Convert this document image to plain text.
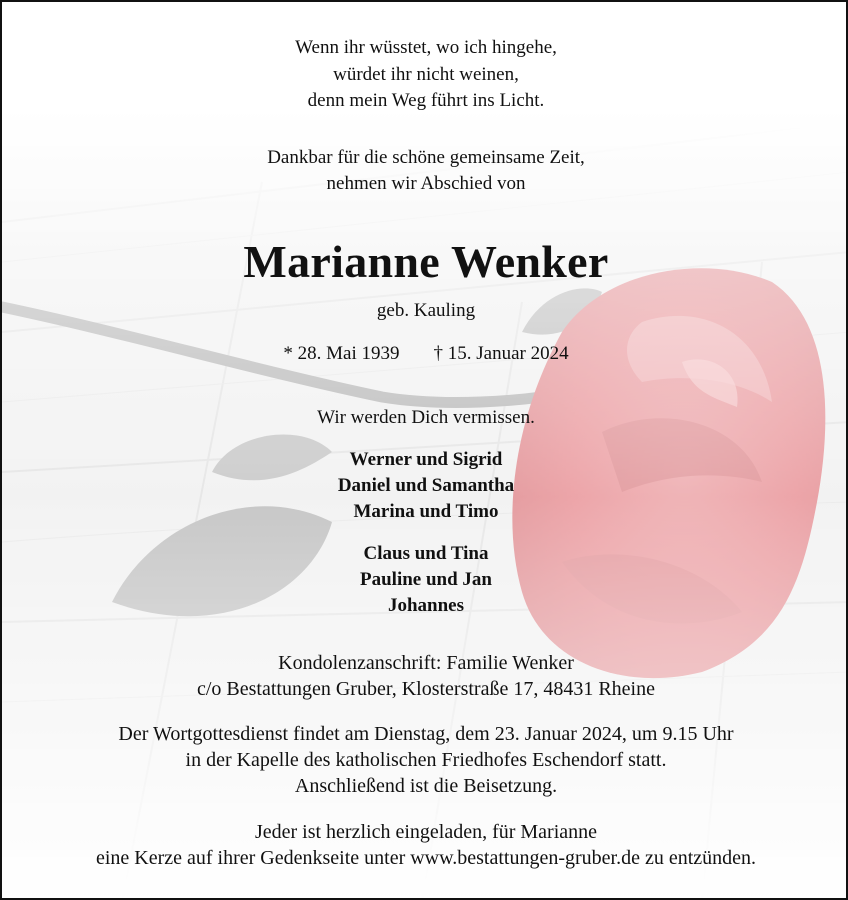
Wenn ihr wüsstet, wo ich hingehe,
würdet ihr nicht weinen,
denn mein Weg führt ins Licht.
Dankbar für die schöne gemeinsame Zeit,
nehmen wir Abschied von
Marianne Wenker
geb. Kauling
* 28. Mai 1939 † 15. Januar 2024
Wir werden Dich vermissen.
Werner und Sigrid
Daniel und Samantha
Marina und Timo
Claus und Tina
Pauline und Jan
Johannes
Kondolenzanschrift: Familie Wenker
c/o Bestattungen Gruber, Klosterstraße 17, 48431 Rheine
Der Wortgottesdienst findet am Dienstag, dem 23. Januar 2024, um 9.15 Uhr
in der Kapelle des katholischen Friedhofes Eschendorf statt.
Anschließend ist die Beisetzung.
Jeder ist herzlich eingeladen, für Marianne
eine Kerze auf ihrer Gedenkseite unter www.bestattungen-gruber.de zu entzünden.
